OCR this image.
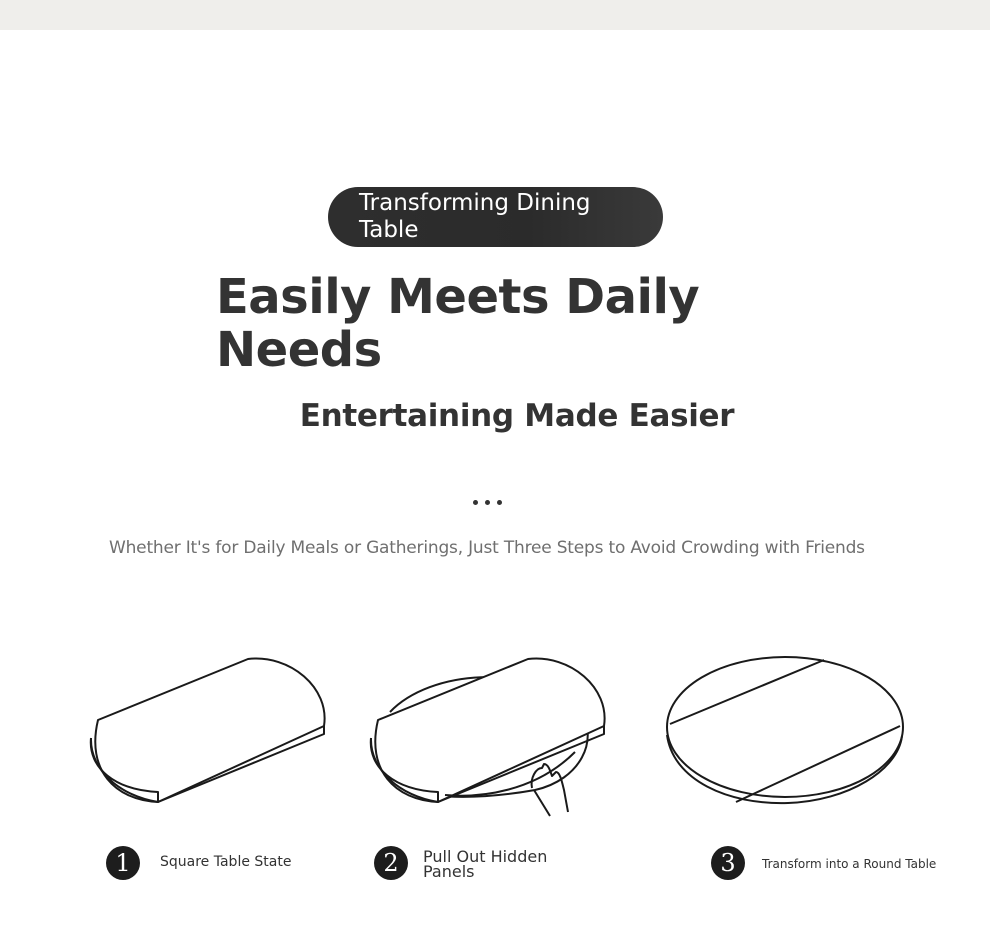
Transforming Dining Table
Easily Meets Daily Needs
Entertaining Made Easier
Whether It's for Daily Meals or Gatherings, Just Three Steps to Avoid Crowding with Friends
1	Square Table State	2	Pull Out Hidden Panels	3	Transform into a Round Table
